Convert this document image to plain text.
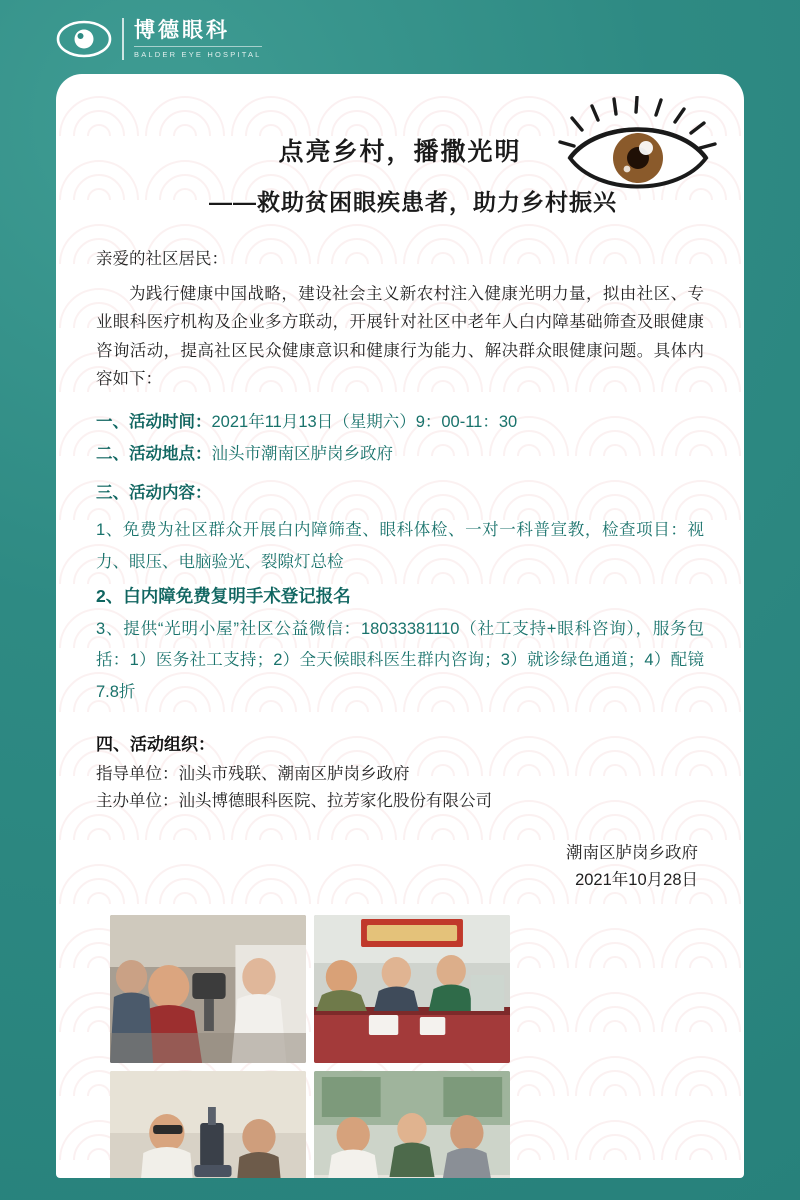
博德眼科
BALDER EYE HOSPITAL
点亮乡村，播撒光明
——救助贫困眼疾患者，助力乡村振兴
亲爱的社区居民：
为践行健康中国战略，建设社会主义新农村注入健康光明力量，拟由社区、专业眼科医疗机构及企业多方联动，开展针对社区中老年人白内障基础筛查及眼健康咨询活动，提高社区民众健康意识和健康行为能力、解决群众眼健康问题。具体内容如下：
一、活动时间：2021年11月13日（星期六）9：00-11：30
二、活动地点：汕头市潮南区胪岗乡政府
三、活动内容：
1、免费为社区群众开展白内障筛查、眼科体检、一对一科普宣教，检查项目：视力、眼压、电脑验光、裂隙灯总检
2、白内障免费复明手术登记报名
3、提供“光明小屋”社区公益微信：18033381110（社工支持+眼科咨询），服务包括：1）医务社工支持；2）全天候眼科医生群内咨询；3）就诊绿色通道；4）配镜7.8折
四、活动组织：
指导单位：汕头市残联、潮南区胪岗乡政府
主办单位：汕头博德眼科医院、拉芳家化股份有限公司
潮南区胪岗乡政府
2021年10月28日
